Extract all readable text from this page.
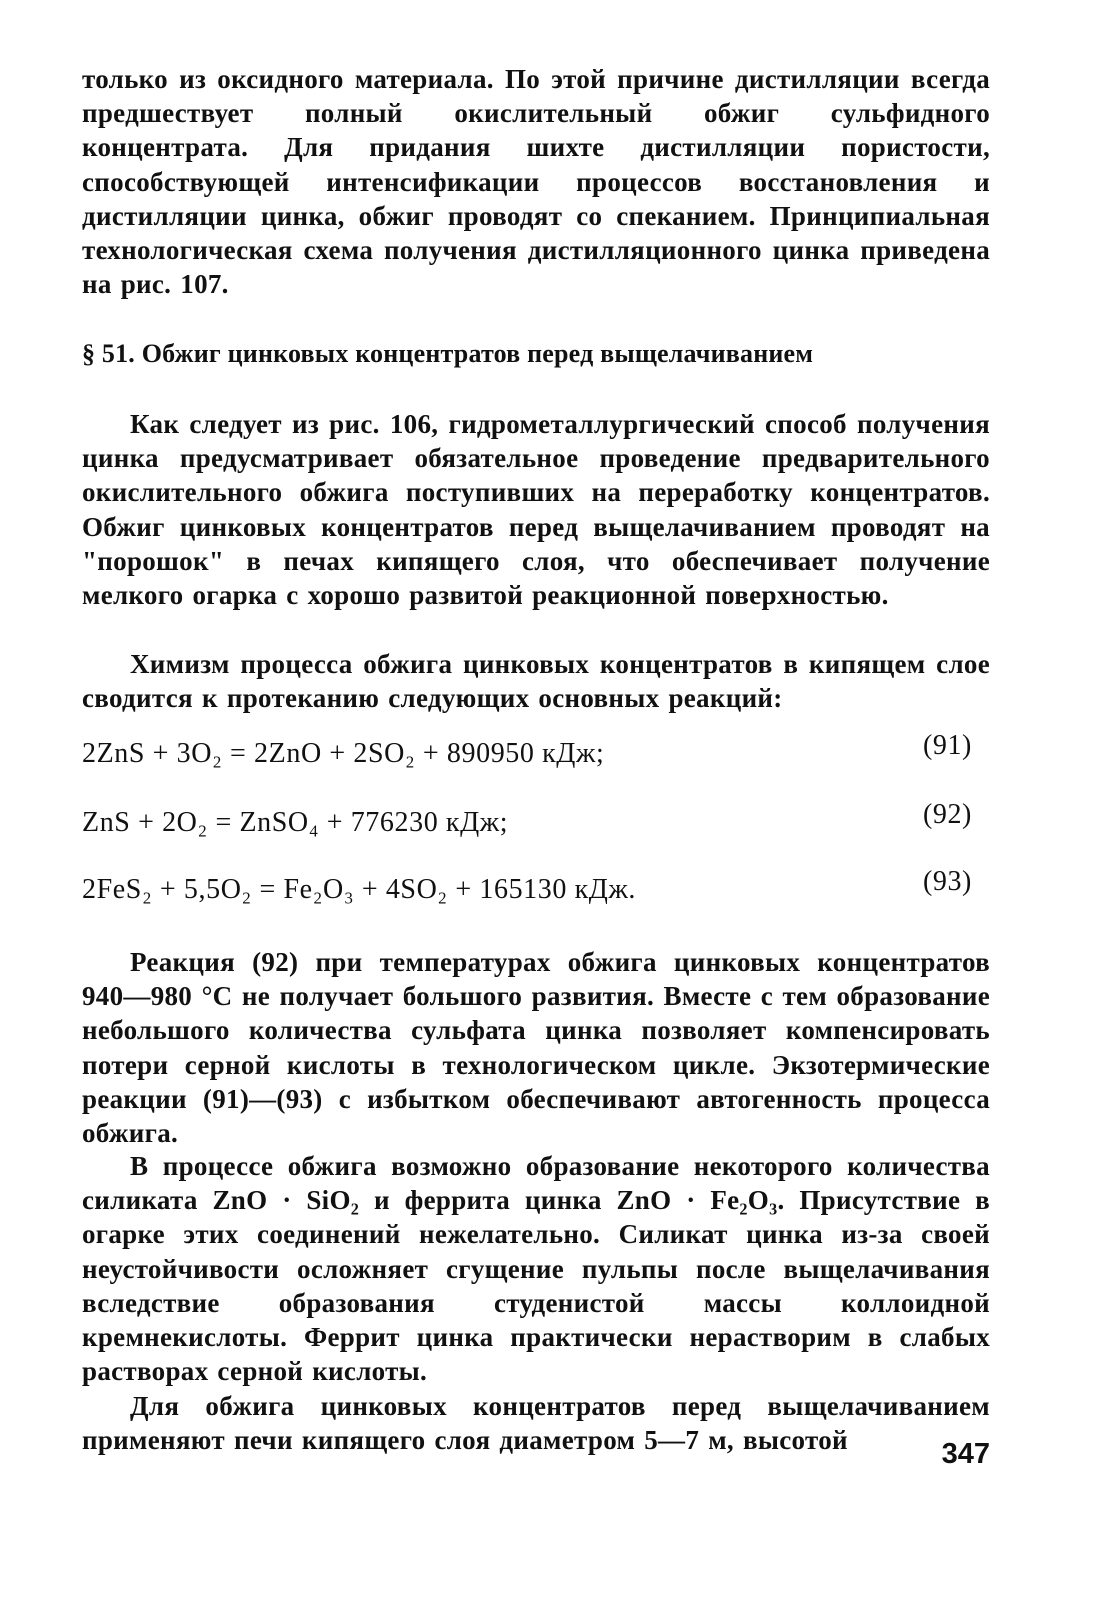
только из оксидного материала. По этой причине дистилляции всегда предшествует полный окислительный обжиг сульфидного концентрата. Для придания шихте дистилляции пористости, способствующей интенсификации процессов восстановления и дистилляции цинка, обжиг проводят со спеканием. Принципиальная технологическая схема получения дистилляционного цинка приведена на рис. 107.

§ 51. Обжиг цинковых концентратов перед выщелачиванием

Как следует из рис. 106, гидрометаллургический способ получения цинка предусматривает обязательное проведение предварительного окислительного обжига поступивших на переработку концентратов. Обжиг цинковых концентратов перед выщелачиванием проводят на "порошок" в печах кипящего слоя, что обеспечивает получение мелкого огарка с хорошо развитой реакционной поверхностью.

Химизм процесса обжига цинковых концентратов в кипящем слое сводится к протеканию следующих основных реакций:

2ZnS + 3O₂ = 2ZnO + 2SO₂ + 890950 кДж;	(91)
ZnS + 2O₂ = ZnSO₄ + 776230 кДж;	(92)
2FeS₂ + 5,5O₂ = Fe₂O₃ + 4SO₂ + 165130 кДж.	(93)

Реакция (92) при температурах обжига цинковых концентратов 940—980 °С не получает большого развития. Вместе с тем образование небольшого количества сульфата цинка позволяет компенсировать потери серной кислоты в технологическом цикле. Экзотермические реакции (91)—(93) с избытком обеспечивают автогенность процесса обжига.

В процессе обжига возможно образование некоторого количества силиката ZnO · SiO₂ и феррита цинка ZnO · Fe₂O₃. Присутствие в огарке этих соединений нежелательно. Силикат цинка из-за своей неустойчивости осложняет сгущение пульпы после выщелачивания вследствие образования студенистой массы коллоидной кремнекислоты. Феррит цинка практически нерастворим в слабых растворах серной кислоты.

Для обжига цинковых концентратов перед выщелачиванием применяют печи кипящего слоя диаметром 5—7 м, высотой	347
